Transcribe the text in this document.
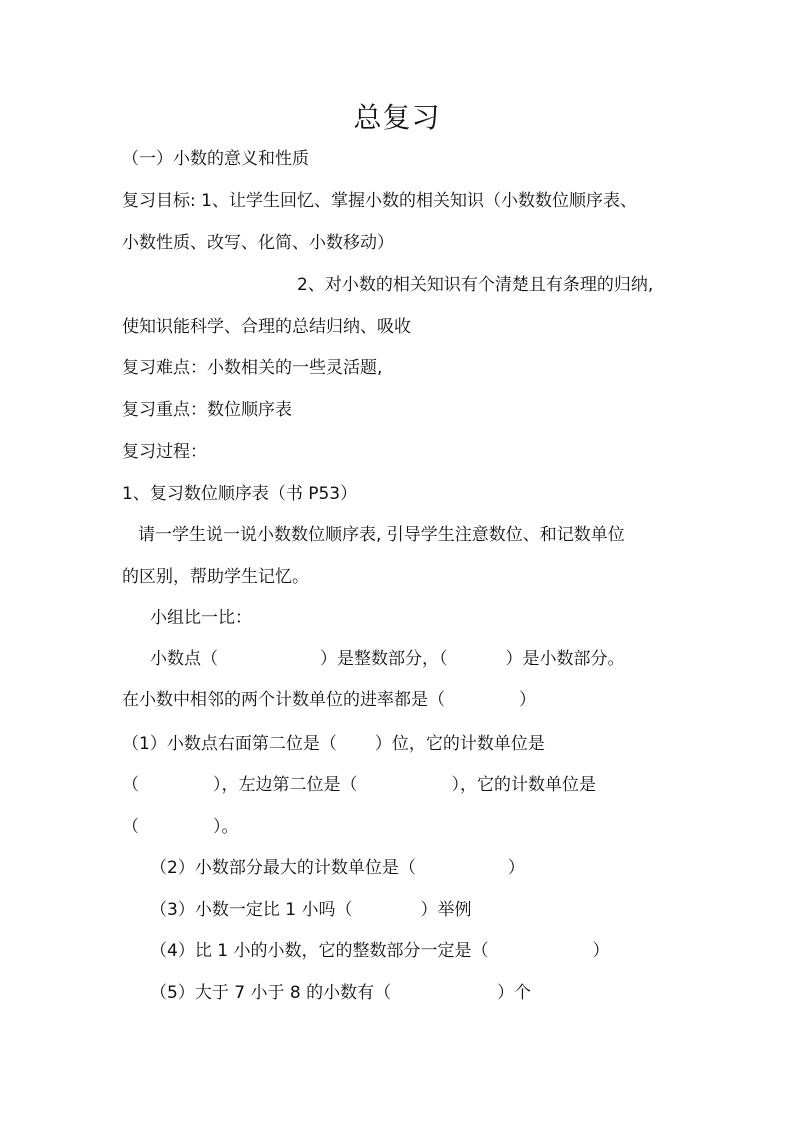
总复习
（一）小数的意义和性质
复习目标: 1、让学生回忆、掌握小数的相关知识（小数数位顺序表、
小数性质、改写、化简、小数移动）
2、对小数的相关知识有个清楚且有条理的归纳,
使知识能科学、合理的总结归纳、吸收
复习难点：小数相关的一些灵活题,
复习重点：数位顺序表
复习过程：
1、复习数位顺序表（书 P53）
请一学生说一说小数数位顺序表, 引导学生注意数位、和记数单位
的区别，帮助学生记忆。
小组比一比：
小数点（	）是整数部分，（	）是小数部分。
在小数中相邻的两个计数单位的进率都是（	）
（1）小数点右面第二位是（ ）位，它的计数单位是
（	），左边第二位是（	），它的计数单位是
（	）。
（2）小数部分最大的计数单位是（	）
（3）小数一定比 1 小吗（	）举例
（4）比 1 小的小数，它的整数部分一定是（	）
（5）大于 7 小于 8 的小数有（	）个
